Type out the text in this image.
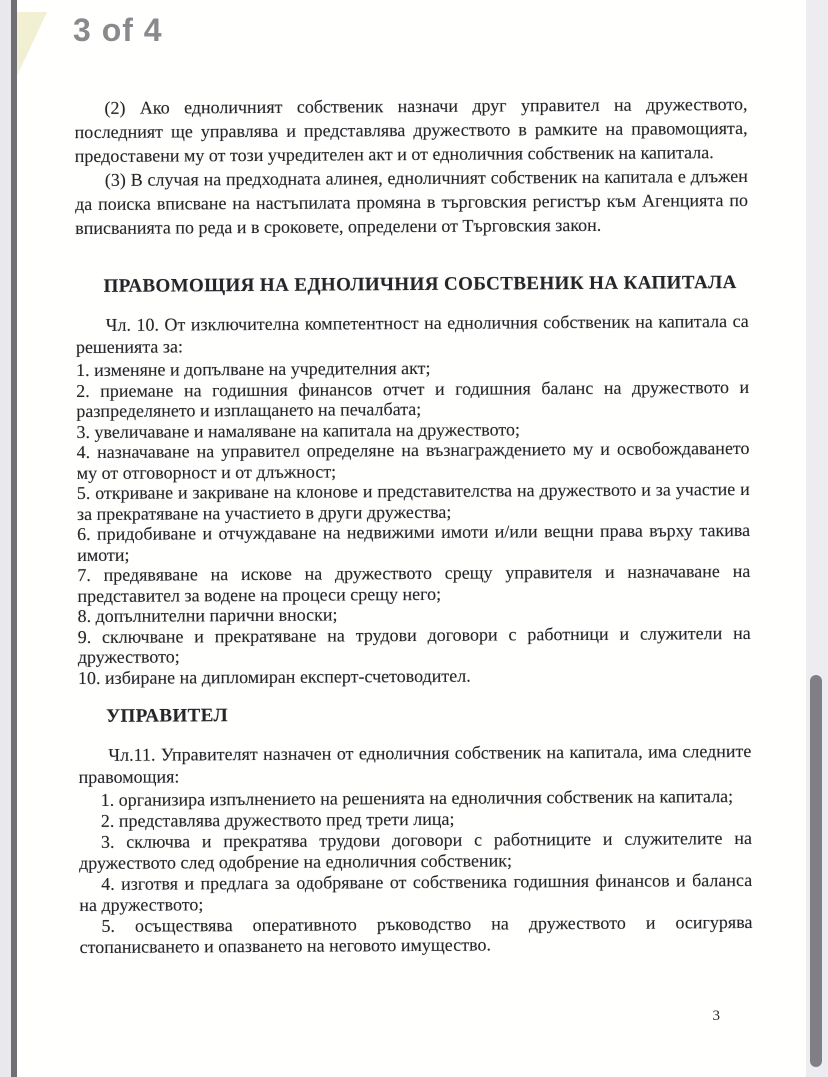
3 of 4

(2) Ако едноличният собственик назначи друг управител на дружеството, последният ще управлява и представлява дружеството в рамките на правомощията, предоставени му от този учредителен акт и от едноличния собственик на капитала.

(3) В случая на предходната алинея, едноличният собственик на капитала е длъжен да поиска вписване на настъпилата промяна в търговския регистър към Агенцията по вписванията по реда и в сроковете, определени от Търговския закон.

ПРАВОМОЩИЯ НА ЕДНОЛИЧНИЯ СОБСТВЕНИК НА КАПИТАЛА

Чл. 10. От изключителна компетентност на едноличния собственик на капитала са решенията за:

1. изменяне и допълване на учредителния акт;
2. приемане на годишния финансов отчет и годишния баланс на дружеството и разпределянето и изплащането на печалбата;
3. увеличаване и намаляване на капитала на дружеството;
4. назначаване на управител определяне на възнаграждението му и освобождаването му от отговорност и от длъжност;
5. откриване и закриване на клонове и представителства на дружеството и за участие и за прекратяване на участието в други дружества;
6. придобиване и отчуждаване на недвижими имоти и/или вещни права върху такива имоти;
7. предявяване на искове на дружеството срещу управителя и назначаване на представител за водене на процеси срещу него;
8. допълнителни парични вноски;
9. сключване и прекратяване на трудови договори с работници и служители на дружеството;
10. избиране на дипломиран експерт-счетоводител.
УПРАВИТЕЛ

Чл.11. Управителят назначен от едноличния собственик на капитала, има следните правомощия:

1. организира изпълнението на решенията на едноличния собственик на капитала;
2. представлява дружеството пред трети лица;
3. сключва и прекратява трудови договори с работниците и служителите на дружеството след одобрение на едноличния собственик;
4. изготвя и предлага за одобряване от собственика годишния финансов и баланса на дружеството;
5. осъществява оперативното ръководство на дружеството и осигурява стопанисването и опазването на неговото имущество.
3
